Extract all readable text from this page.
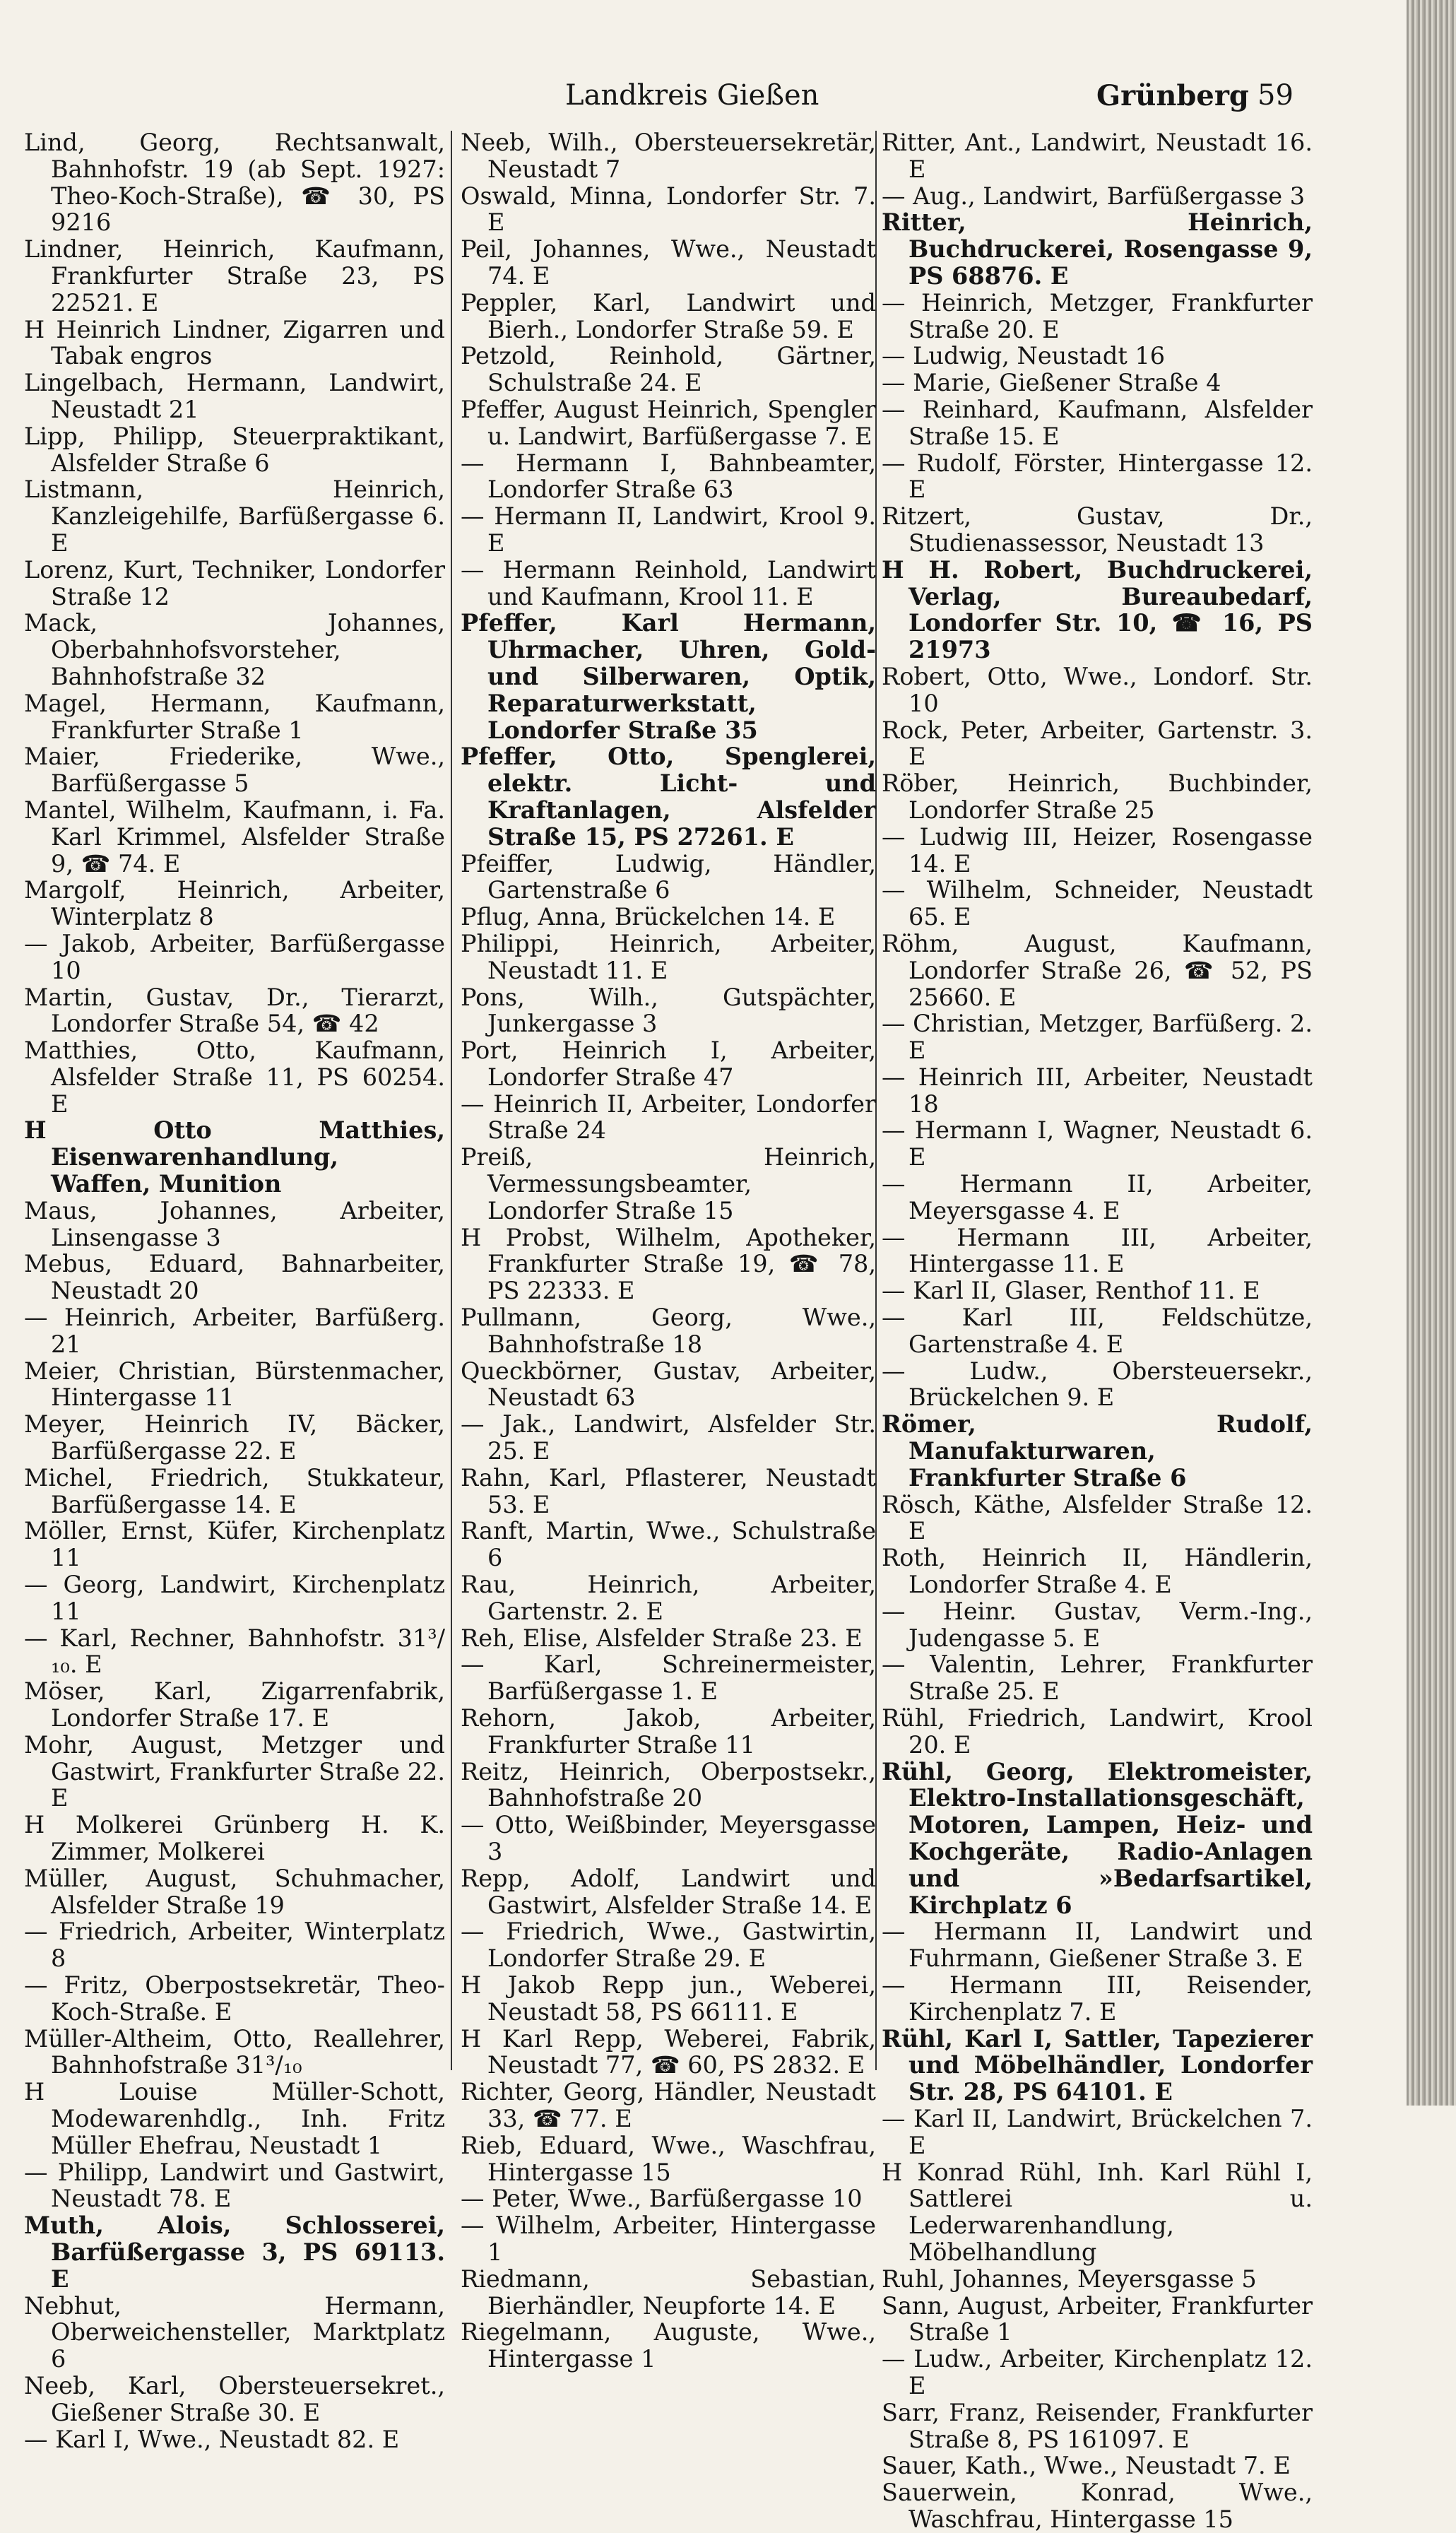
Landkreis Gießen	Grünberg 59
Lind, Georg, Rechtsanwalt, Bahnhofstr. 19 (ab Sept. 1927: Theo-Koch-Straße), ☎ 30, PS 9216
Lindner, Heinrich, Kaufmann, Frankfurter Straße 23, PS 22521. E
H Heinrich Lindner, Zigarren und Tabak engros
Lingelbach, Hermann, Landwirt, Neustadt 21
Lipp, Philipp, Steuerpraktikant, Alsfelder Straße 6
Listmann, Heinrich, Kanzleigehilfe, Barfüßergasse 6. E
Lorenz, Kurt, Techniker, Londorfer Straße 12
Mack, Johannes, Oberbahnhofsvorsteher, Bahnhofstraße 32
Magel, Hermann, Kaufmann, Frankfurter Straße 1
Maier, Friederike, Wwe., Barfüßergasse 5
Mantel, Wilhelm, Kaufmann, i. Fa. Karl Krimmel, Alsfelder Straße 9, ☎ 74. E
Margolf, Heinrich, Arbeiter, Winterplatz 8
— Jakob, Arbeiter, Barfüßergasse 10
Martin, Gustav, Dr., Tierarzt, Londorfer Straße 54, ☎ 42
Matthies, Otto, Kaufmann, Alsfelder Straße 11, PS 60254. E
H Otto Matthies, Eisenwarenhandlung, Waffen, Munition
Maus, Johannes, Arbeiter, Linsengasse 3
Mebus, Eduard, Bahnarbeiter, Neustadt 20
— Heinrich, Arbeiter, Barfüßerg. 21
Meier, Christian, Bürstenmacher, Hintergasse 11
Meyer, Heinrich IV, Bäcker, Barfüßergasse 22. E
Michel, Friedrich, Stukkateur, Barfüßergasse 14. E
Möller, Ernst, Küfer, Kirchenplatz 11
— Georg, Landwirt, Kirchenplatz 11
— Karl, Rechner, Bahnhofstr. 31³/₁₀. E
Möser, Karl, Zigarrenfabrik, Londorfer Straße 17. E
Mohr, August, Metzger und Gastwirt, Frankfurter Straße 22. E
H Molkerei Grünberg H. K. Zimmer, Molkerei
Müller, August, Schuhmacher, Alsfelder Straße 19
— Friedrich, Arbeiter, Winterplatz 8
— Fritz, Oberpostsekretär, Theo-Koch-Straße. E
Müller-Altheim, Otto, Reallehrer, Bahnhofstraße 31³/₁₀
H Louise Müller-Schott, Modewarenhdlg., Inh. Fritz Müller Ehefrau, Neustadt 1
— Philipp, Landwirt und Gastwirt, Neustadt 78. E
Muth, Alois, Schlosserei, Barfüßergasse 3, PS 69113. E
Nebhut, Hermann, Oberweichensteller, Marktplatz 6
Neeb, Karl, Obersteuersekret., Gießener Straße 30. E
— Karl I, Wwe., Neustadt 82. E
Neeb, Wilh., Obersteuersekretär, Neustadt 7
Oswald, Minna, Londorfer Str. 7. E
Peil, Johannes, Wwe., Neustadt 74. E
Peppler, Karl, Landwirt und Bierh., Londorfer Straße 59. E
Petzold, Reinhold, Gärtner, Schulstraße 24. E
Pfeffer, August Heinrich, Spengler u. Landwirt, Barfüßergasse 7. E
— Hermann I, Bahnbeamter, Londorfer Straße 63
— Hermann II, Landwirt, Krool 9. E
— Hermann Reinhold, Landwirt und Kaufmann, Krool 11. E
Pfeffer, Karl Hermann, Uhrmacher, Uhren, Gold- und Silberwaren, Optik, Reparaturwerkstatt, Londorfer Straße 35
Pfeffer, Otto, Spenglerei, elektr. Licht- und Kraftanlagen, Alsfelder Straße 15, PS 27261. E
Pfeiffer, Ludwig, Händler, Gartenstraße 6
Pflug, Anna, Brückelchen 14. E
Philippi, Heinrich, Arbeiter, Neustadt 11. E
Pons, Wilh., Gutspächter, Junkergasse 3
Port, Heinrich I, Arbeiter, Londorfer Straße 47
— Heinrich II, Arbeiter, Londorfer Straße 24
Preiß, Heinrich, Vermessungsbeamter, Londorfer Straße 15
H Probst, Wilhelm, Apotheker, Frankfurter Straße 19, ☎ 78, PS 22333. E
Pullmann, Georg, Wwe., Bahnhofstraße 18
Queckbörner, Gustav, Arbeiter, Neustadt 63
— Jak., Landwirt, Alsfelder Str. 25. E
Rahn, Karl, Pflasterer, Neustadt 53. E
Ranft, Martin, Wwe., Schulstraße 6
Rau, Heinrich, Arbeiter, Gartenstr. 2. E
Reh, Elise, Alsfelder Straße 23. E
— Karl, Schreinermeister, Barfüßergasse 1. E
Rehorn, Jakob, Arbeiter, Frankfurter Straße 11
Reitz, Heinrich, Oberpostsekr., Bahnhofstraße 20
— Otto, Weißbinder, Meyersgasse 3
Repp, Adolf, Landwirt und Gastwirt, Alsfelder Straße 14. E
— Friedrich, Wwe., Gastwirtin, Londorfer Straße 29. E
H Jakob Repp jun., Weberei, Neustadt 58, PS 66111. E
H Karl Repp, Weberei, Fabrik, Neustadt 77, ☎ 60, PS 2832. E
Richter, Georg, Händler, Neustadt 33, ☎ 77. E
Rieb, Eduard, Wwe., Waschfrau, Hintergasse 15
— Peter, Wwe., Barfüßergasse 10
— Wilhelm, Arbeiter, Hintergasse 1
Riedmann, Sebastian, Bierhändler, Neupforte 14. E
Riegelmann, Auguste, Wwe., Hintergasse 1
Ritter, Ant., Landwirt, Neustadt 16. E
— Aug., Landwirt, Barfüßergasse 3
Ritter, Heinrich, Buchdruckerei, Rosengasse 9, PS 68876. E
— Heinrich, Metzger, Frankfurter Straße 20. E
— Ludwig, Neustadt 16
— Marie, Gießener Straße 4
— Reinhard, Kaufmann, Alsfelder Straße 15. E
— Rudolf, Förster, Hintergasse 12. E
Ritzert, Gustav, Dr., Studienassessor, Neustadt 13
H H. Robert, Buchdruckerei, Verlag, Bureaubedarf, Londorfer Str. 10, ☎ 16, PS 21973
Robert, Otto, Wwe., Londorf. Str. 10
Rock, Peter, Arbeiter, Gartenstr. 3. E
Röber, Heinrich, Buchbinder, Londorfer Straße 25
— Ludwig III, Heizer, Rosengasse 14. E
— Wilhelm, Schneider, Neustadt 65. E
Röhm, August, Kaufmann, Londorfer Straße 26, ☎ 52, PS 25660. E
— Christian, Metzger, Barfüßerg. 2. E
— Heinrich III, Arbeiter, Neustadt 18
— Hermann I, Wagner, Neustadt 6. E
— Hermann II, Arbeiter, Meyersgasse 4. E
— Hermann III, Arbeiter, Hintergasse 11. E
— Karl II, Glaser, Renthof 11. E
— Karl III, Feldschütze, Gartenstraße 4. E
— Ludw., Obersteuersekr., Brückelchen 9. E
Römer, Rudolf, Manufakturwaren, Frankfurter Straße 6
Rösch, Käthe, Alsfelder Straße 12. E
Roth, Heinrich II, Händlerin, Londorfer Straße 4. E
— Heinr. Gustav, Verm.-Ing., Judengasse 5. E
— Valentin, Lehrer, Frankfurter Straße 25. E
Rühl, Friedrich, Landwirt, Krool 20. E
Rühl, Georg, Elektromeister, Elektro-Installationsgeschäft, Motoren, Lampen, Heiz- und Kochgeräte, Radio-Anlagen und »Bedarfsartikel, Kirchplatz 6
— Hermann II, Landwirt und Fuhrmann, Gießener Straße 3. E
— Hermann III, Reisender, Kirchenplatz 7. E
Rühl, Karl I, Sattler, Tapezierer und Möbelhändler, Londorfer Str. 28, PS 64101. E
— Karl II, Landwirt, Brückelchen 7. E
H Konrad Rühl, Inh. Karl Rühl I, Sattlerei u. Lederwarenhandlung, Möbelhandlung
Ruhl, Johannes, Meyersgasse 5
Sann, August, Arbeiter, Frankfurter Straße 1
— Ludw., Arbeiter, Kirchenplatz 12. E
Sarr, Franz, Reisender, Frankfurter Straße 8, PS 161097. E
Sauer, Kath., Wwe., Neustadt 7. E
Sauerwein, Konrad, Wwe., Waschfrau, Hintergasse 15
